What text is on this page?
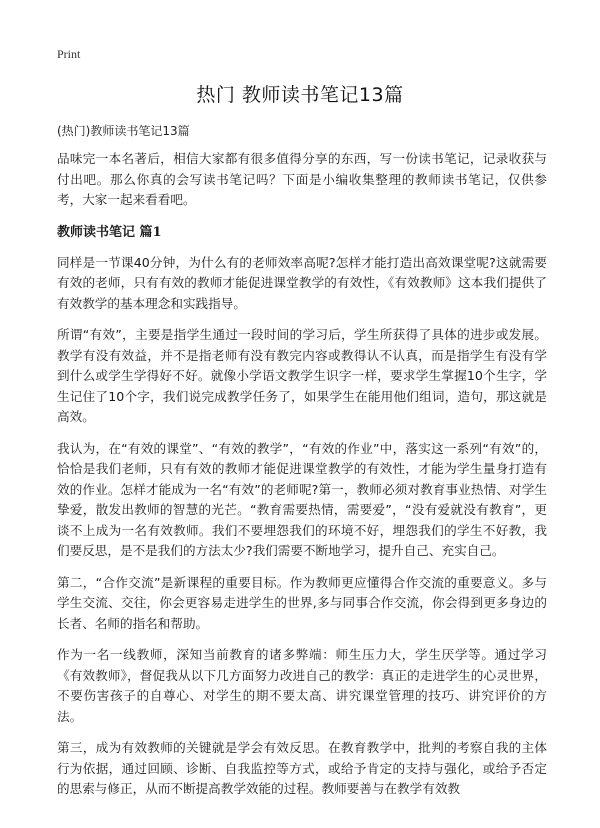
Print
热门 教师读书笔记13篇
(热门)教师读书笔记13篇

品味完一本名著后，相信大家都有很多值得分享的东西，写一份读书笔记，记录收获与付出吧。那么你真的会写读书笔记吗？下面是小编收集整理的教师读书笔记，仅供参考，大家一起来看看吧。

教师读书笔记 篇1

同样是一节课40分钟，为什么有的老师效率高呢?怎样才能打造出高效课堂呢?这就需要有效的老师，只有有效的教师才能促进课堂教学的有效性，《有效教师》这本我们提供了有效教学的基本理念和实践指导。

所谓“有效”，主要是指学生通过一段时间的学习后，学生所获得了具体的进步或发展。教学有没有效益，并不是指老师有没有教完内容或教得认不认真，而是指学生有没有学到什么或学生学得好不好。就像小学语文教学生识字一样，要求学生掌握10个生字，学生记住了10个字，我们说完成教学任务了，如果学生在能用他们组词，造句，那这就是高效。

我认为，在“有效的课堂”、“有效的教学”，“有效的作业”中，落实这一系列“有效”的，恰恰是我们老师，只有有效的教师才能促进课堂教学的有效性，才能为学生量身打造有效的作业。怎样才能成为一名“有效”的老师呢?第一，教师必须对教育事业热情、对学生挚爱，散发出教师的智慧的光芒。“教育需要热情，需要爱”，“没有爱就没有教育”，更谈不上成为一名有效教师。我们不要埋怨我们的环境不好，埋怨我们的学生不好教，我们要反思，是不是我们的方法太少?我们需要不断地学习，提升自己、充实自己。

第二，“合作交流”是新课程的重要目标。作为教师更应懂得合作交流的重要意义。多与学生交流、交往，你会更容易走进学生的世界,多与同事合作交流，你会得到更多身边的长者、名师的指名和帮助。

作为一名一线教师，深知当前教育的诸多弊端：师生压力大，学生厌学等。通过学习《有效教师》，督促我从以下几方面努力改进自己的教学：真正的走进学生的心灵世界，不要伤害孩子的自尊心、对学生的期不要太高、讲究课堂管理的技巧、讲究评价的方法。

第三，成为有效教师的关键就是学会有效反思。在教育教学中，批判的考察自我的主体行为依据，通过回顾、诊断、自我监控等方式，或给予肯定的支持与强化，或给予否定的思索与修正，从而不断提高教学效能的过程。教师要善与在教学有效教
